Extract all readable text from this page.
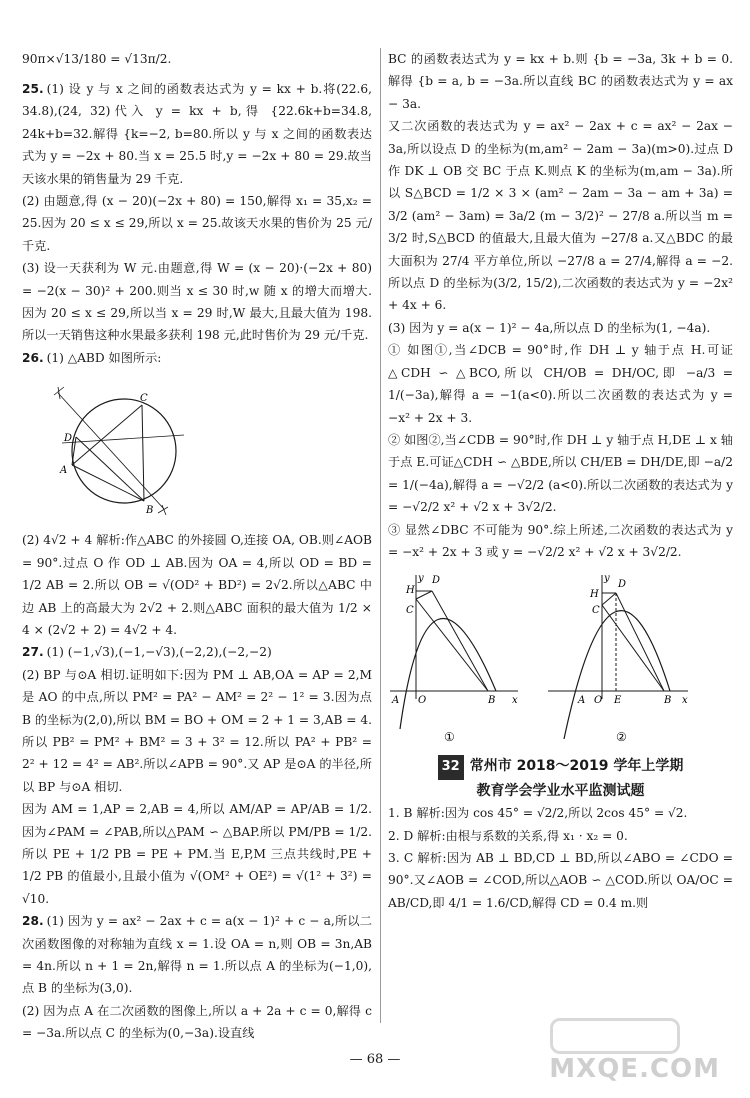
90π×√13/180 = √13π/2.
25. (1) 设 y 与 x 之间的函数表达式为 y = kx + b.将(22.6, 34.8),(24, 32)代入 y = kx + b,得 {22.6k+b=34.8, 24k+b=32.解得 {k=−2, b=80.所以 y 与 x 之间的函数表达式为 y = −2x + 80.当 x = 25.5 时,y = −2x + 80 = 29.故当天该水果的销售量为 29 千克.
(2) 由题意,得 (x − 20)(−2x + 80) = 150,解得 x₁ = 35,x₂ = 25.因为 20 ≤ x ≤ 29,所以 x = 25.故该天水果的售价为 25 元/千克.
(3) 设一天获利为 W 元.由题意,得 W = (x − 20)·(−2x + 80) = −2(x − 30)² + 200.则当 x ≤ 30 时,w 随 x 的增大而增大.因为 20 ≤ x ≤ 29,所以当 x = 29 时,W 最大,且最大值为 198.所以一天销售这种水果最多获利 198 元,此时售价为 29 元/千克.
26. (1) △ABD 如图所示:
D
C
A
B
(2) 4√2 + 4 解析:作△ABC 的外接圆 O,连接 OA, OB.则∠AOB = 90°.过点 O 作 OD ⊥ AB.因为 OA = 4,所以 OD = BD = 1/2 AB = 2.所以 OB = √(OD² + BD²) = 2√2.所以△ABC 中边 AB 上的高最大为 2√2 + 2.则△ABC 面积的最大值为 1/2 × 4 × (2√2 + 2) = 4√2 + 4.
27. (1) (−1,√3),(−1,−√3),(−2,2),(−2,−2)
(2) BP 与⊙A 相切.证明如下:因为 PM ⊥ AB,OA = AP = 2,M 是 AO 的中点,所以 PM² = PA² − AM² = 2² − 1² = 3.因为点 B 的坐标为(2,0),所以 BM = BO + OM = 2 + 1 = 3,AB = 4.所以 PB² = PM² + BM² = 3 + 3² = 12.所以 PA² + PB² = 2² + 12 = 4² = AB².所以∠APB = 90°.又 AP 是⊙A 的半径,所以 BP 与⊙A 相切.
因为 AM = 1,AP = 2,AB = 4,所以 AM/AP = AP/AB = 1/2.因为∠PAM = ∠PAB,所以△PAM ∽ △BAP.所以 PM/PB = 1/2.所以 PE + 1/2 PB = PE + PM.当 E,P,M 三点共线时,PE + 1/2 PB 的值最小,且最小值为 √(OM² + OE²) = √(1² + 3²) = √10.
28. (1) 因为 y = ax² − 2ax + c = a(x − 1)² + c − a,所以二次函数图像的对称轴为直线 x = 1.设 OA = n,则 OB = 3n,AB = 4n.所以 n + 1 = 2n,解得 n = 1.所以点 A 的坐标为(−1,0),点 B 的坐标为(3,0).
(2) 因为点 A 在二次函数的图像上,所以 a + 2a + c = 0,解得 c = −3a.所以点 C 的坐标为(0,−3a).设直线
BC 的函数表达式为 y = kx + b.则 {b = −3a, 3k + b = 0.解得 {b = a, b = −3a.所以直线 BC 的函数表达式为 y = ax − 3a.
又二次函数的表达式为 y = ax² − 2ax + c = ax² − 2ax − 3a,所以设点 D 的坐标为(m,am² − 2am − 3a)(m>0).过点 D 作 DK ⊥ OB 交 BC 于点 K.则点 K 的坐标为(m,am − 3a).所以 S△BCD = 1/2 × 3 × (am² − 2am − 3a − am + 3a) = 3/2 (am² − 3am) = 3a/2 (m − 3/2)² − 27/8 a.所以当 m = 3/2 时,S△BCD 的值最大,且最大值为 −27/8 a.又△BDC 的最大面积为 27/4 平方单位,所以 −27/8 a = 27/4,解得 a = −2.所以点 D 的坐标为(3/2, 15/2),二次函数的表达式为 y = −2x² + 4x + 6.
(3) 因为 y = a(x − 1)² − 4a,所以点 D 的坐标为(1, −4a).
① 如图①,当∠DCB = 90°时,作 DH ⊥ y 轴于点 H.可证△CDH ∽ △BCO,所以 CH/OB = DH/OC,即 −a/3 = 1/(−3a),解得 a = −1(a<0).所以二次函数的表达式为 y = −x² + 2x + 3.
② 如图②,当∠CDB = 90°时,作 DH ⊥ y 轴于点 H,DE ⊥ x 轴于点 E.可证△CDH ∽ △BDE,所以 CH/EB = DH/DE,即 −a/2 = 1/(−4a),解得 a = −√2/2 (a<0).所以二次函数的表达式为 y = −√2/2 x² + √2 x + 3√2/2.
③ 显然∠DBC 不可能为 90°.综上所述,二次函数的表达式为 y = −x² + 2x + 3 或 y = −√2/2 x² + √2 x + 3√2/2.
y
x
H
D
C
A O	B
①
y
x
H
D
C
A O E	B
②
32 常州市 2018～2019 学年上学期
教育学会学业水平监测试题
1. B 解析:因为 cos 45° = √2/2,所以 2cos 45° = √2.
2. D 解析:由根与系数的关系,得 x₁ · x₂ = 0.
3. C 解析:因为 AB ⊥ BD,CD ⊥ BD,所以∠ABO = ∠CDO = 90°.又∠AOB = ∠COD,所以△AOB ∽ △COD.所以 OA/OC = AB/CD,即 4/1 = 1.6/CD,解得 CD = 0.4 m.则
— 68 —	MXQE.COM
